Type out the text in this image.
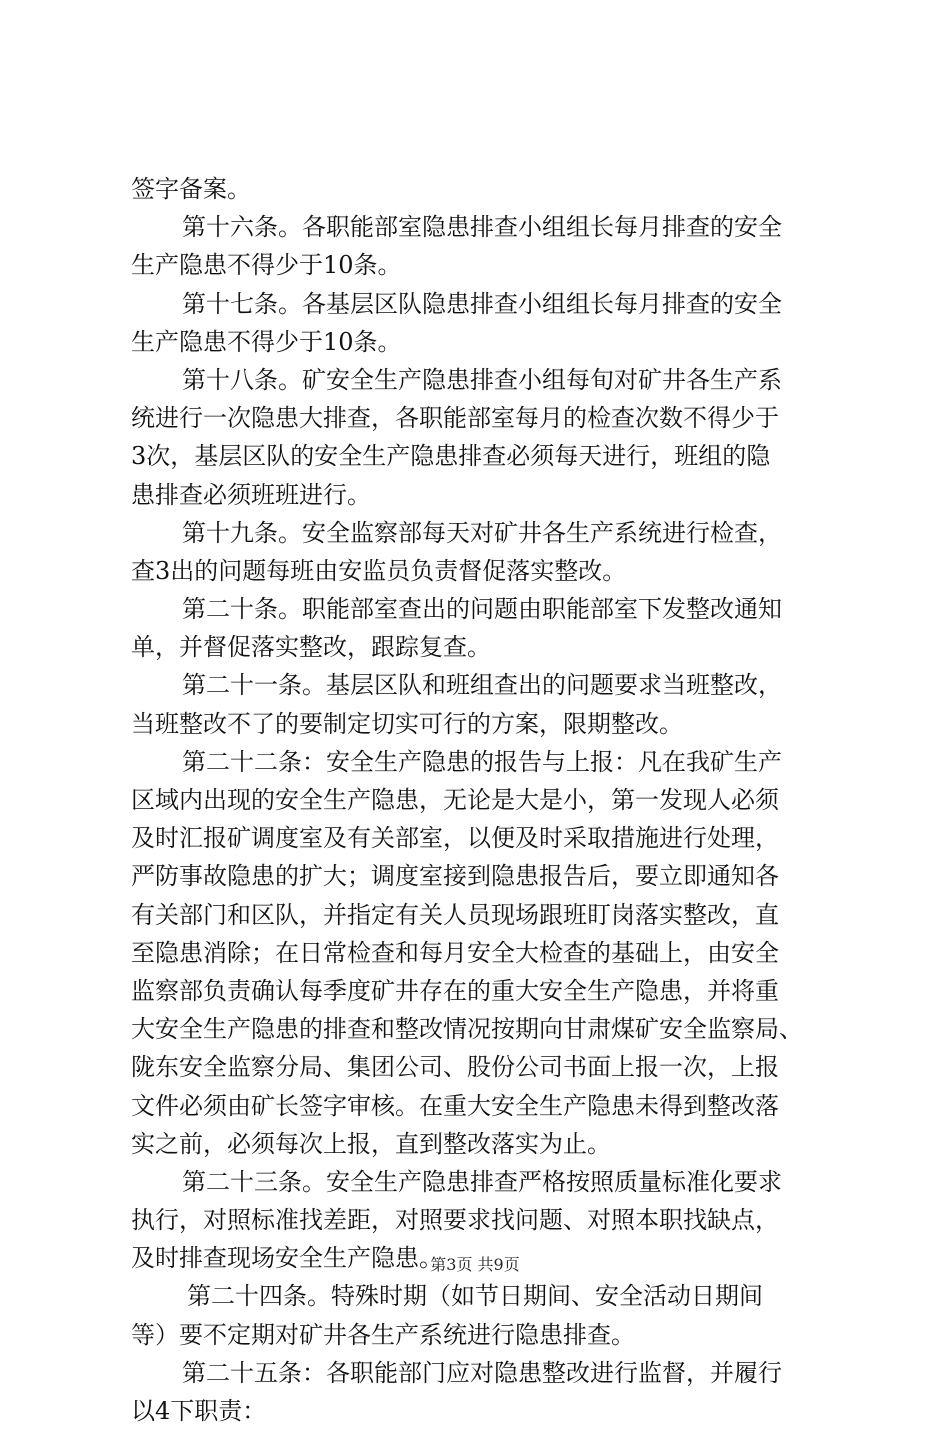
签字备案。
第十六条。各职能部室隐患排查小组组长每月排查的安全
生产隐患不得少于10条。
第十七条。各基层区队隐患排查小组组长每月排查的安全
生产隐患不得少于10条。
第十八条。矿安全生产隐患排查小组每旬对矿井各生产系
统进行一次隐患大排查，各职能部室每月的检查次数不得少于
3次，基层区队的安全生产隐患排查必须每天进行，班组的隐
患排查必须班班进行。
第十九条。安全监察部每天对矿井各生产系统进行检查，
查3出的问题每班由安监员负责督促落实整改。
第二十条。职能部室查出的问题由职能部室下发整改通知
单，并督促落实整改，跟踪复查。
第二十一条。基层区队和班组查出的问题要求当班整改，
当班整改不了的要制定切实可行的方案，限期整改。
第二十二条：安全生产隐患的报告与上报：凡在我矿生产
区域内出现的安全生产隐患，无论是大是小，第一发现人必须
及时汇报矿调度室及有关部室，以便及时采取措施进行处理，
严防事故隐患的扩大；调度室接到隐患报告后，要立即通知各
有关部门和区队，并指定有关人员现场跟班盯岗落实整改，直
至隐患消除；在日常检查和每月安全大检查的基础上，由安全
监察部负责确认每季度矿井存在的重大安全生产隐患，并将重
大安全生产隐患的排查和整改情况按期向甘肃煤矿安全监察局、
陇东安全监察分局、集团公司、股份公司书面上报一次，上报
文件必须由矿长签字审核。在重大安全生产隐患未得到整改落
实之前，必须每次上报，直到整改落实为止。
第二十三条。安全生产隐患排查严格按照质量标准化要求
执行，对照标准找差距，对照要求找问题、对照本职找缺点，
及时排查现场安全生产隐患。
第二十四条。特殊时期（如节日期间、安全活动日期间
等）要不定期对矿井各生产系统进行隐患排查。
第二十五条：各职能部门应对隐患整改进行监督，并履行
以4下职责：
第3页 共9页
